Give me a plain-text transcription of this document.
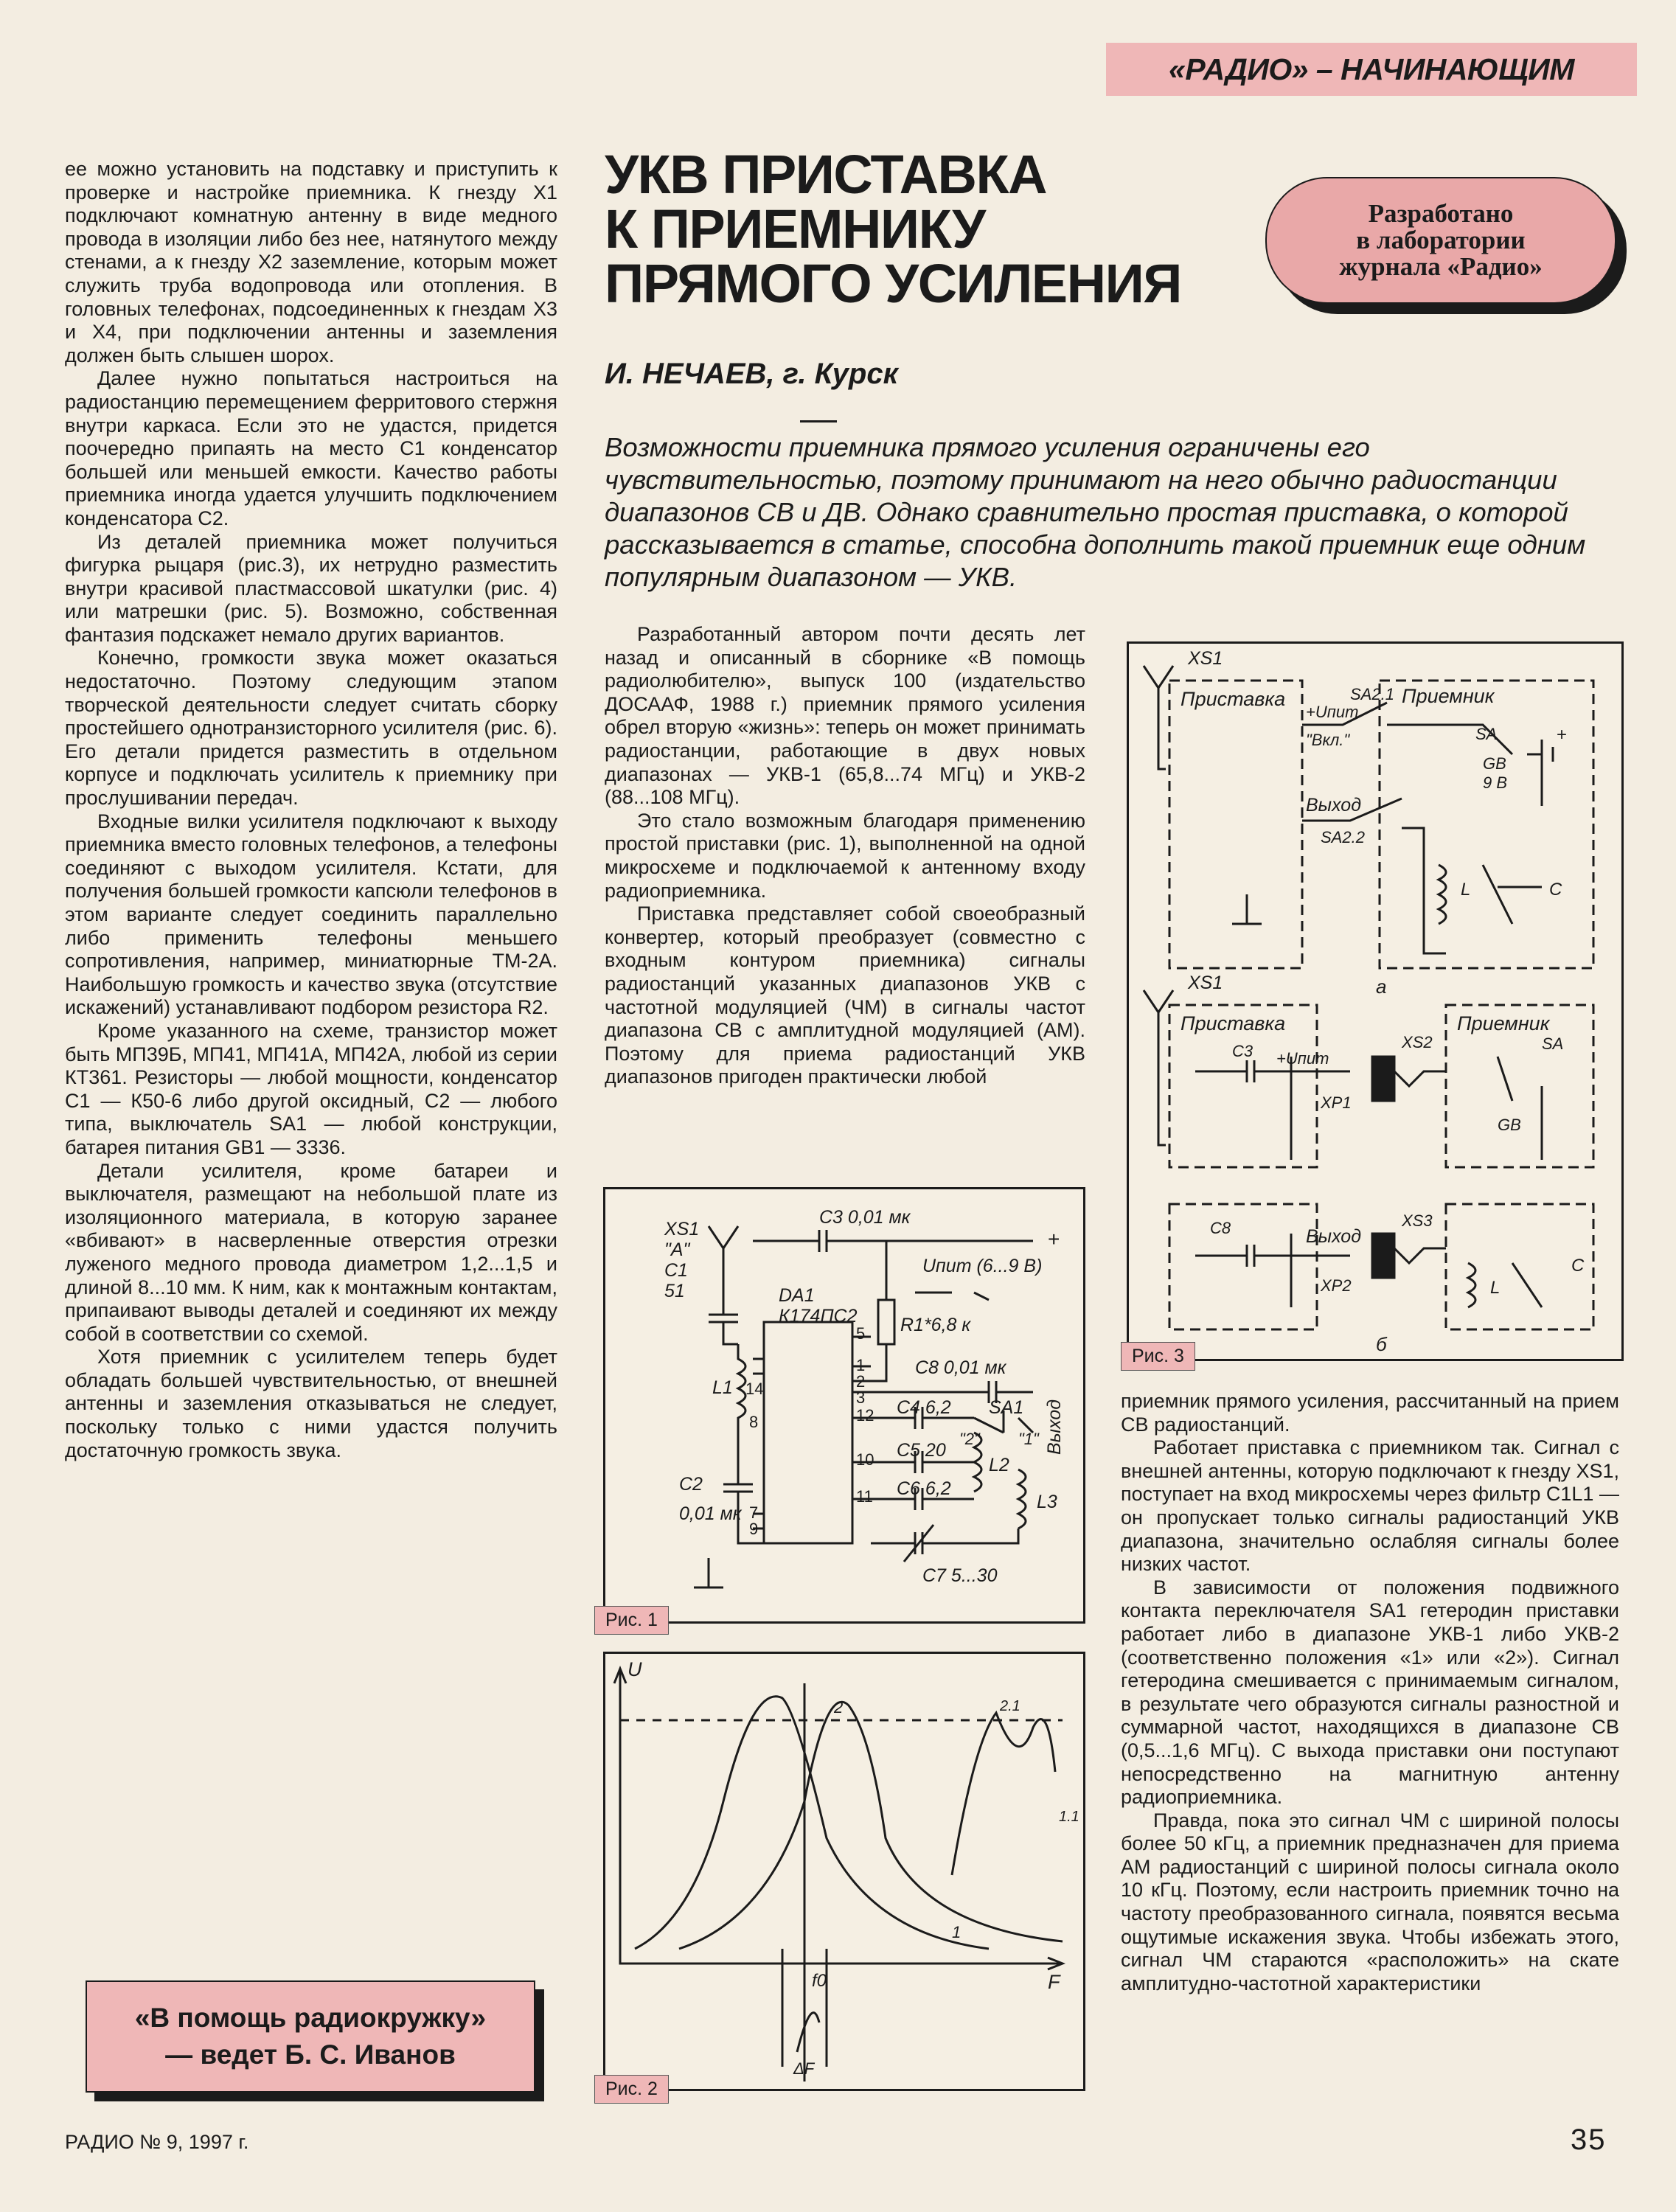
«РАДИО» – НАЧИНАЮЩИМ
УКВ ПРИСТАВКА
К ПРИЕМНИКУ
ПРЯМОГО УСИЛЕНИЯ
Разработано
в лаборатории
журнала «Радио»
И. НЕЧАЕВ, г. Курск
Возможности приемника прямого усиления ограничены его чувствительностью, поэтому принимают на него обычно радиостанции диапазонов СВ и ДВ. Однако сравнительно простая приставка, о которой рассказывается в статье, способна дополнить такой приемник еще одним популярным диапазоном — УКВ.

ее можно установить на подставку и приступить к проверке и настройке приемника. К гнезду X1 подключают комнатную антенну в виде медного провода в изоляции либо без нее, натянутого между стенами, а к гнезду X2 заземление, которым может служить труба водопровода или отопления. В головных телефонах, подсоединенных к гнездам X3 и X4, при подключении антенны и заземления должен быть слышен шорох.

Далее нужно попытаться настроиться на радиостанцию перемещением ферритового стержня внутри каркаса. Если это не удастся, придется поочередно припаять на место C1 конденсатор большей или меньшей емкости. Качество работы приемника иногда удается улучшить подключением конденсатора C2.

Из деталей приемника может получиться фигурка рыцаря (рис.3), их нетрудно разместить внутри красивой пластмассовой шкатулки (рис. 4) или матрешки (рис. 5). Возможно, собственная фантазия подскажет немало других вариантов.

Конечно, громкости звука может оказаться недостаточно. Поэтому следующим этапом творческой деятельности следует считать сборку простейшего однотранзисторного усилителя (рис. 6). Его детали придется разместить в отдельном корпусе и подключать усилитель к приемнику при прослушивании передач.

Входные вилки усилителя подключают к выходу приемника вместо головных телефонов, а телефоны соединяют с выходом усилителя. Кстати, для получения большей громкости капсюли телефонов в этом варианте следует соединить параллельно либо применить телефоны меньшего сопротивления, например, миниатюрные ТМ-2А. Наибольшую громкость и качество звука (отсутствие искажений) устанавливают подбором резистора R2.

Кроме указанного на схеме, транзистор может быть МП39Б, МП41, МП41А, МП42А, любой из серии КТ361. Резисторы — любой мощности, конденсатор C1 — К50-6 либо другой оксидный, C2 — любого типа, выключатель SA1 — любой конструкции, батарея питания GB1 — 3336.

Детали усилителя, кроме батареи и выключателя, размещают на небольшой плате из изоляционного материала, в которую заранее «вбивают» в насверленные отверстия отрезки луженого медного провода диаметром 1,2...1,5 и длиной 8...10 мм. К ним, как к монтажным контактам, припаивают выводы деталей и соединяют их между собой в соответствии со схемой.

Хотя приемник с усилителем теперь будет обладать большей чувствительностью, от внешней антенны и заземления отказываться не следует, поскольку только с ними удастся получить достаточную громкость звука.

«В помощь радиокружку»
— ведет Б. С. Иванов

Разработанный автором почти десять лет назад и описанный в сборнике «В помощь радиолюбителю», выпуск 100 (издательство ДОСААФ, 1988 г.) приемник прямого усиления обрел вторую «жизнь»: теперь он может принимать радиостанции, работающие в двух новых диапазонах — УКВ-1 (65,8...74 МГц) и УКВ-2 (88...108 МГц).

Это стало возможным благодаря применению простой приставки (рис. 1), выполненной на одной микросхеме и подключаемой к антенному входу радиоприемника.

Приставка представляет собой своеобразный конвертер, который преобразует (совместно с входным контуром приемника) сигналы радиостанций указанных диапазонов УКВ с частотной модуляцией (ЧМ) в сигналы частот диапазона СВ с амплитудной модуляцией (АМ). Поэтому для приема радиостанций УКВ диапазонов пригоден практически любой

приемник прямого усиления, рассчитанный на прием СВ радиостанций.

Работает приставка с приемником так. Сигнал с внешней антенны, которую подключают к гнезду XS1, поступает на вход микросхемы через фильтр C1L1 — он пропускает только сигналы радиостанций УКВ диапазона, значительно ослабляя сигналы более низких частот.

В зависимости от положения подвижного контакта переключателя SA1 гетеродин приставки работает либо в диапазоне УКВ-1 либо УКВ-2 (соответственно положения «1» или «2»). Сигнал гетеродина смешивается с принимаемым сигналом, в результате чего образуются сигналы разностной и суммарной частот, находящихся в диапазоне СВ (0,5...1,6 МГц). С выхода приставки они поступают непосредственно на магнитную антенну радиоприемника.

Правда, пока это сигнал ЧМ с шириной полосы более 50 кГц, а приемник предназначен для приема АМ радиостанций с шириной полосы сигнала около 10 кГц. Поэтому, если настроить приемник точно на частоту преобразованного сигнала, появятся весьма ощутимые искажения звука. Чтобы избежать этого, сигнал ЧМ стараются «расположить» на скате амплитудно-частотной характеристики

XS1
"А"
C1
51	DA1
К174ПС2
C3 0,01 мк
+
Uпит (6...9 В)
R1*6,8 к
C8 0,01 мк
Выход
L1
C2
0,01 мк
C4 6,2
C5 20
C6 6,2
SA1
"2" "1"
L2
L3
C7 5...30
5
1
2
3
14
8	12
10
11
7
9
Рис. 1
U
F
f0
ΔF
1
1.1
2	2.1
Рис. 2
XS1
Приставка
+Uпит
SA2.1
"Вкл."
Приемник
SA
GB
9 В
+
Выход
SA2.2
L	C
а
XS1
Приставка
C3 +Uпит
XS2
XP1
Приемник
SA
GB
C8	Выход
XS3
XP2	L
C
б
Рис. 3
РАДИО № 9, 1997 г.	35
